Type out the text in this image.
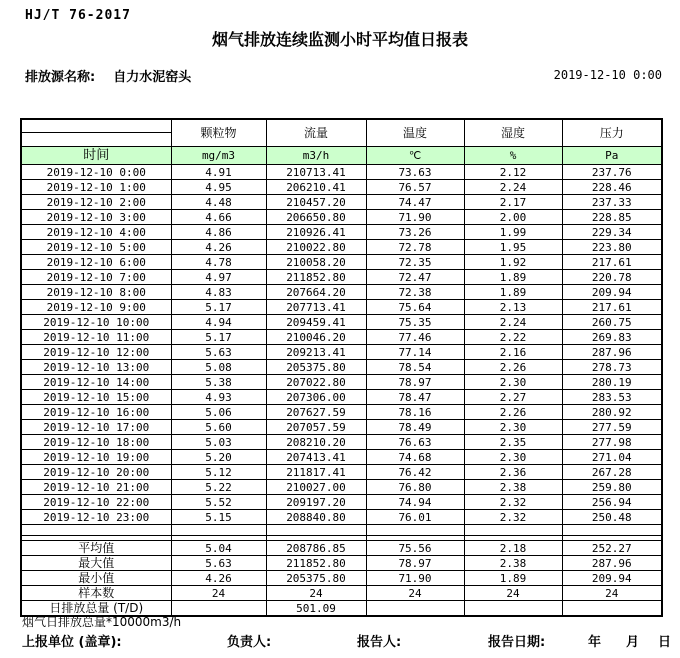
HJ/T 76-2017
烟气排放连续监测小时平均值日报表
排放源名称: 自力水泥窑头	2019-12-10 0:00
	颗粒物	流量	温度	湿度	压力

时间	mg/m3	m3/h	℃	%	Pa
2019-12-10 0:00	4.91	210713.41	73.63	2.12	237.76
2019-12-10 1:00	4.95	206210.41	76.57	2.24	228.46
2019-12-10 2:00	4.48	210457.20	74.47	2.17	237.33
2019-12-10 3:00	4.66	206650.80	71.90	2.00	228.85
2019-12-10 4:00	4.86	210926.41	73.26	1.99	229.34
2019-12-10 5:00	4.26	210022.80	72.78	1.95	223.80
2019-12-10 6:00	4.78	210058.20	72.35	1.92	217.61
2019-12-10 7:00	4.97	211852.80	72.47	1.89	220.78
2019-12-10 8:00	4.83	207664.20	72.38	1.89	209.94
2019-12-10 9:00	5.17	207713.41	75.64	2.13	217.61
2019-12-10 10:00	4.94	209459.41	75.35	2.24	260.75
2019-12-10 11:00	5.17	210046.20	77.46	2.22	269.83
2019-12-10 12:00	5.63	209213.41	77.14	2.16	287.96
2019-12-10 13:00	5.08	205375.80	78.54	2.26	278.73
2019-12-10 14:00	5.38	207022.80	78.97	2.30	280.19
2019-12-10 15:00	4.93	207306.00	78.47	2.27	283.53
2019-12-10 16:00	5.06	207627.59	78.16	2.26	280.92
2019-12-10 17:00	5.60	207057.59	78.49	2.30	277.59
2019-12-10 18:00	5.03	208210.20	76.63	2.35	277.98
2019-12-10 19:00	5.20	207413.41	74.68	2.30	271.04
2019-12-10 20:00	5.12	211817.41	76.42	2.36	267.28
2019-12-10 21:00	5.22	210027.00	76.80	2.38	259.80
2019-12-10 22:00	5.52	209197.20	74.94	2.32	256.94
2019-12-10 23:00	5.15	208840.80	76.01	2.32	250.48

平均值	5.04	208786.85	75.56	2.18	252.27
最大值	5.63	211852.80	78.97	2.38	287.96
最小值	4.26	205375.80	71.90	1.89	209.94
样本数	24	24	24	24	24
日排放总量 (T/D)		501.09			
烟气日排放总量*10000m3/h
上报单位 (盖章):	负责人:	报告人:	报告日期:	年 月 日
